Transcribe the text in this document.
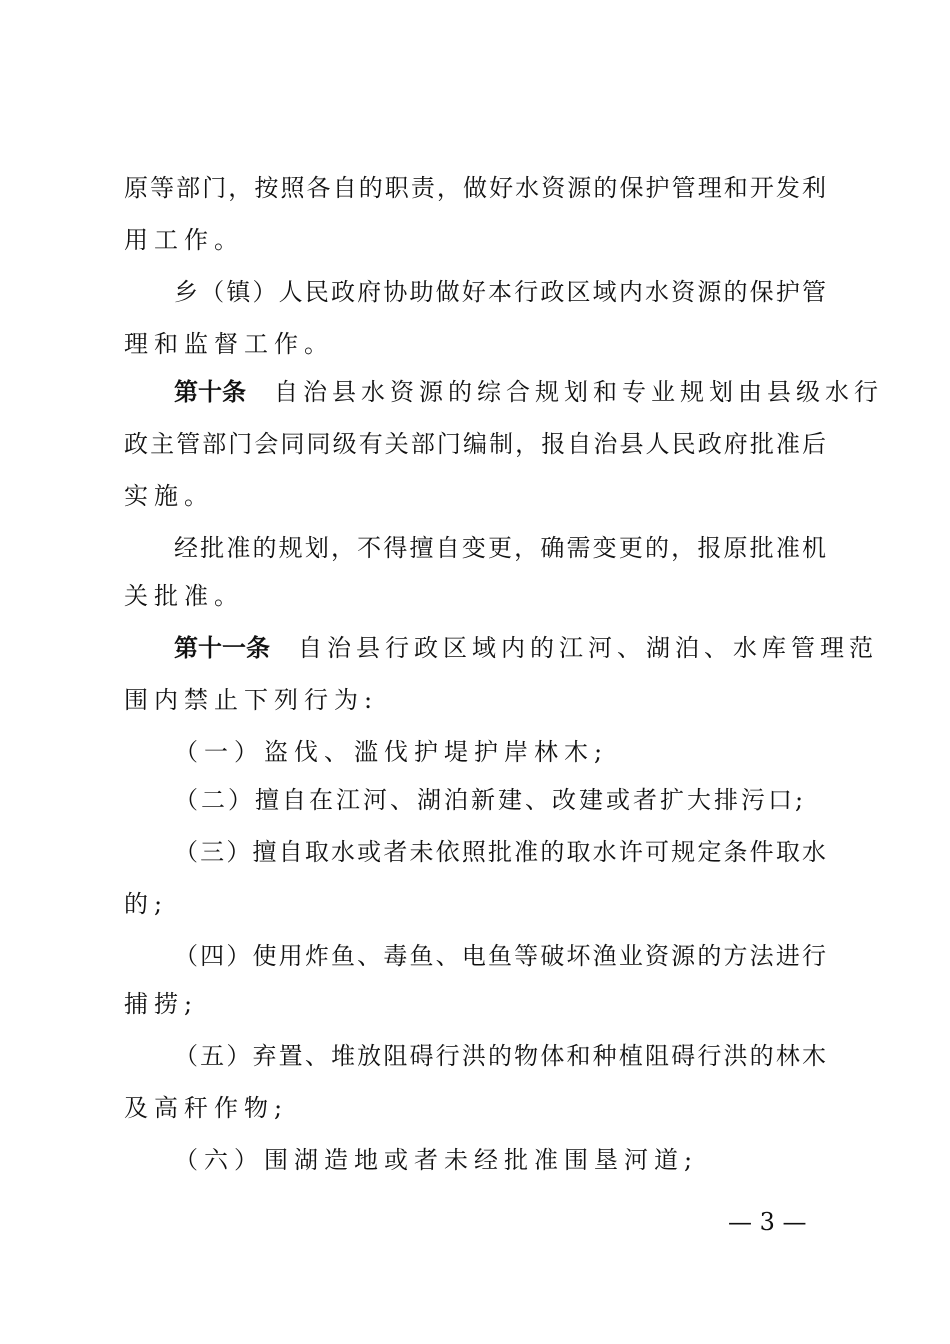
原等部门，按照各自的职责，做好水资源的保护管理和开发利
用工作。
乡（镇）人民政府协助做好本行政区域内水资源的保护管
理和监督工作。
第十条 自治县水资源的综合规划和专业规划由县级水行
政主管部门会同同级有关部门编制，报自治县人民政府批准后
实施。
经批准的规划，不得擅自变更，确需变更的，报原批准机
关批准。
第十一条 自治县行政区域内的江河、湖泊、水库管理范
围内禁止下列行为:
（一）盗伐、滥伐护堤护岸林木;
（二）擅自在江河、湖泊新建、改建或者扩大排污口;
（三）擅自取水或者未依照批准的取水许可规定条件取水
的;
（四）使用炸鱼、毒鱼、电鱼等破坏渔业资源的方法进行
捕捞;
（五）弃置、堆放阻碍行洪的物体和种植阻碍行洪的林木
及高秆作物;
（六）围湖造地或者未经批准围垦河道;
— 3 —
